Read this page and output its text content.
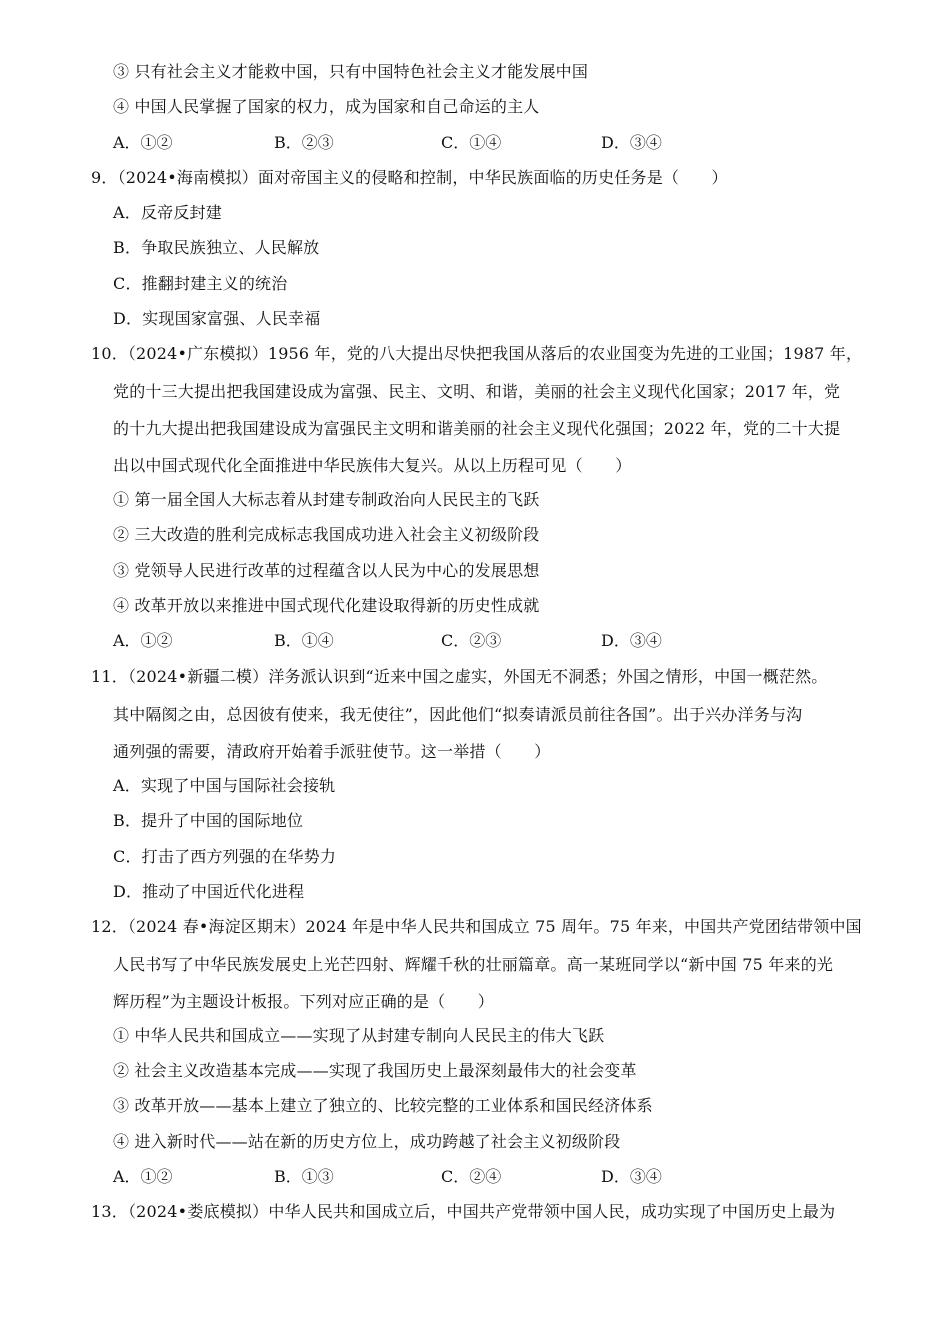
③ 只有社会主义才能救中国，只有中国特色社会主义才能发展中国
④ 中国人民掌握了国家的权力，成为国家和自己命运的主人
A．①②	B．②③	C．①④	D．③④
9．（2024•海南模拟）面对帝国主义的侵略和控制，中华民族面临的历史任务是（　　）
A．反帝反封建
B．争取民族独立、人民解放
C．推翻封建主义的统治
D．实现国家富强、人民幸福
10．（2024•广东模拟）1956 年，党的八大提出尽快把我国从落后的农业国变为先进的工业国；1987 年，
党的十三大提出把我国建设成为富强、民主、文明、和谐，美丽的社会主义现代化国家；2017 年，党
的十九大提出把我国建设成为富强民主文明和谐美丽的社会主义现代化强国；2022 年，党的二十大提
出以中国式现代化全面推进中华民族伟大复兴。从以上历程可见（　　）
① 第一届全国人大标志着从封建专制政治向人民民主的飞跃
② 三大改造的胜利完成标志我国成功进入社会主义初级阶段
③ 党领导人民进行改革的过程蕴含以人民为中心的发展思想
④ 改革开放以来推进中国式现代化建设取得新的历史性成就
A．①②	B．①④	C．②③	D．③④
11．（2024•新疆二模）洋务派认识到“近来中国之虚实，外国无不洞悉；外国之情形，中国一概茫然。
其中隔阂之由，总因彼有使来，我无使往”，因此他们“拟奏请派员前往各国”。出于兴办洋务与沟
通列强的需要，清政府开始着手派驻使节。这一举措（　　）
A．实现了中国与国际社会接轨
B．提升了中国的国际地位
C．打击了西方列强的在华势力
D．推动了中国近代化进程
12．（2024 春•海淀区期末）2024 年是中华人民共和国成立 75 周年。75 年来，中国共产党团结带领中国
人民书写了中华民族发展史上光芒四射、辉耀千秋的壮丽篇章。高一某班同学以“新中国 75 年来的光
辉历程”为主题设计板报。下列对应正确的是（　　）
① 中华人民共和国成立——实现了从封建专制向人民民主的伟大飞跃
② 社会主义改造基本完成——实现了我国历史上最深刻最伟大的社会变革
③ 改革开放——基本上建立了独立的、比较完整的工业体系和国民经济体系
④ 进入新时代——站在新的历史方位上，成功跨越了社会主义初级阶段
A．①②	B．①③	C．②④	D．③④
13．（2024•娄底模拟）中华人民共和国成立后，中国共产党带领中国人民，成功实现了中国历史上最为
